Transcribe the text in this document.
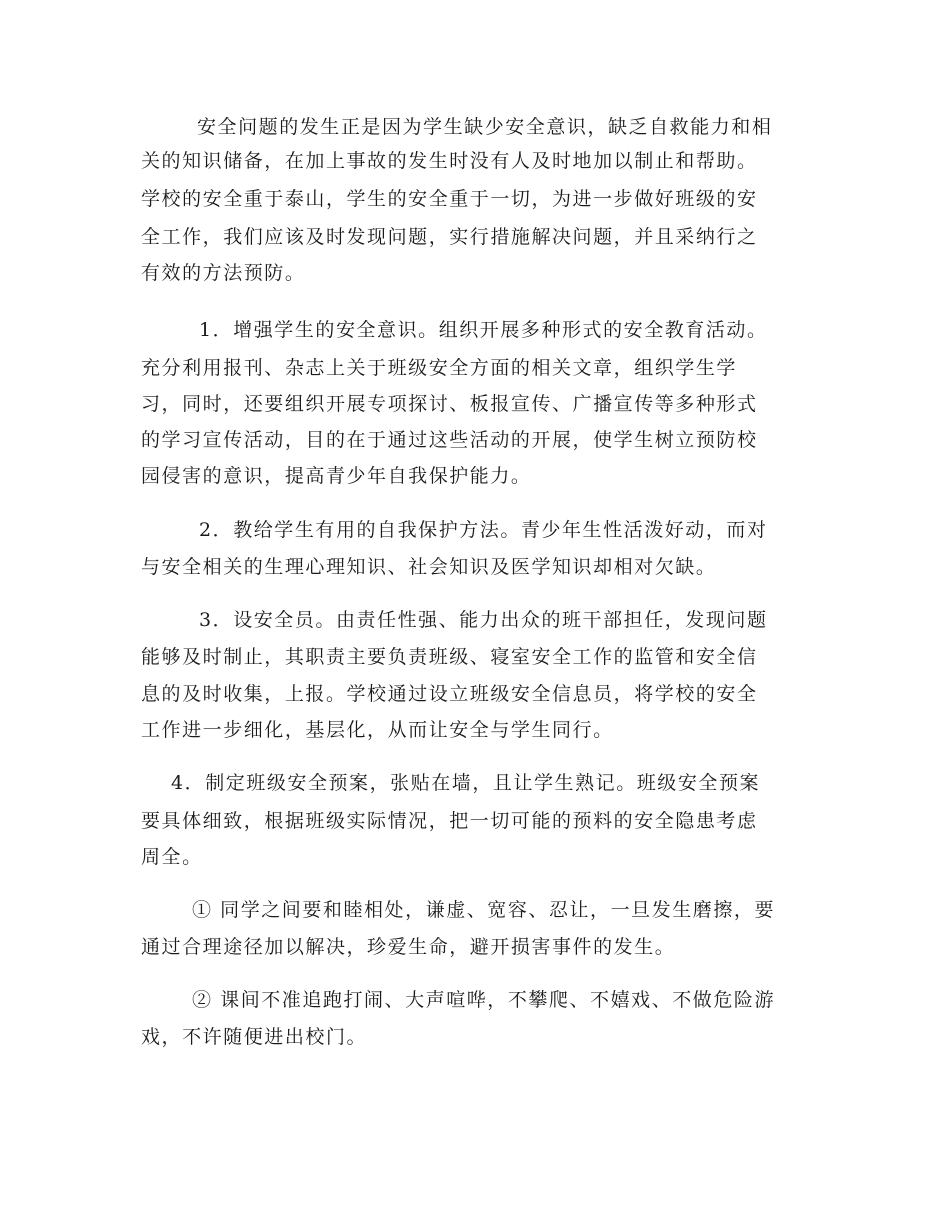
安全问题的发生正是因为学生缺少安全意识，缺乏自救能力和相
关的知识储备，在加上事故的发生时没有人及时地加以制止和帮助。
学校的安全重于泰山，学生的安全重于一切，为进一步做好班级的安
全工作，我们应该及时发现问题，实行措施解决问题，并且采纳行之
有效的方法预防。
1．增强学生的安全意识。组织开展多种形式的安全教育活动。
充分利用报刊、杂志上关于班级安全方面的相关文章，组织学生学
习，同时，还要组织开展专项探讨、板报宣传、广播宣传等多种形式
的学习宣传活动，目的在于通过这些活动的开展，使学生树立预防校
园侵害的意识，提高青少年自我保护能力。
2．教给学生有用的自我保护方法。青少年生性活泼好动，而对
与安全相关的生理心理知识、社会知识及医学知识却相对欠缺。
3．设安全员。由责任性强、能力出众的班干部担任，发现问题
能够及时制止，其职责主要负责班级、寝室安全工作的监管和安全信
息的及时收集，上报。学校通过设立班级安全信息员，将学校的安全
工作进一步细化，基层化，从而让安全与学生同行。
4．制定班级安全预案，张贴在墙，且让学生熟记。班级安全预案
要具体细致，根据班级实际情况，把一切可能的预料的安全隐患考虑
周全。
① 同学之间要和睦相处，谦虚、宽容、忍让，一旦发生磨擦，要
通过合理途径加以解决，珍爱生命，避开损害事件的发生。
② 课间不准追跑打闹、大声喧哗，不攀爬、不嬉戏、不做危险游
戏，不许随便进出校门。
